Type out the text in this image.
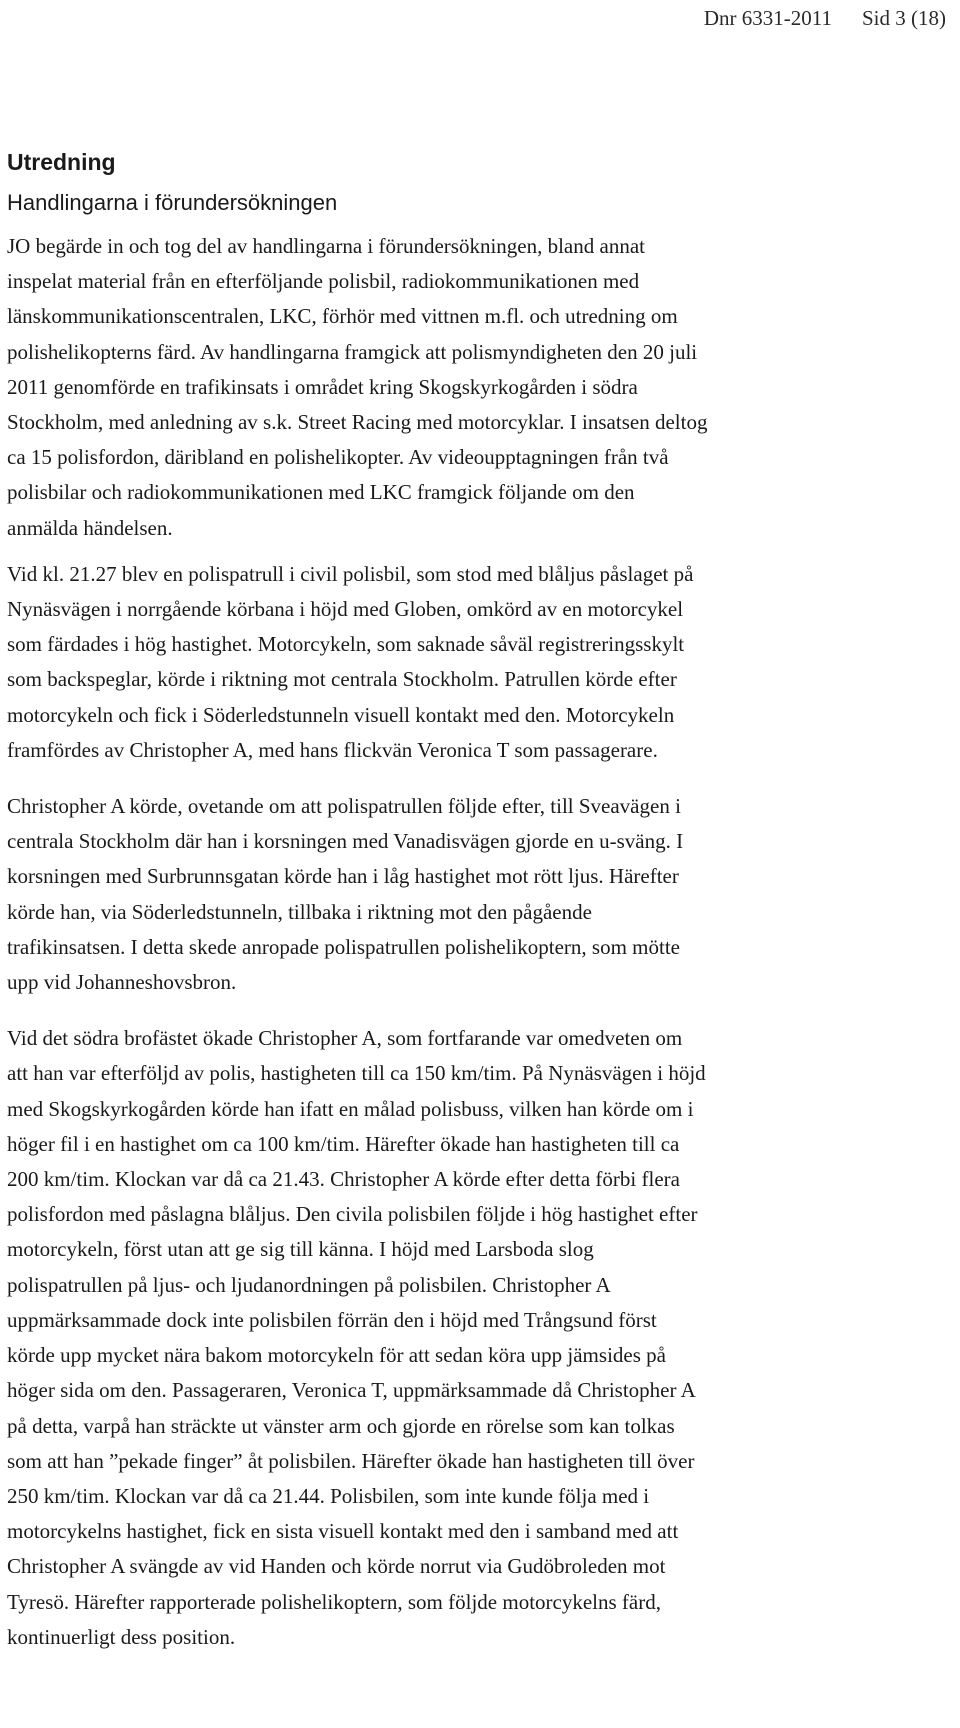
Dnr 6331-2011 Sid 3 (18)
Utredning
Handlingarna i förundersökningen

JO begärde in och tog del av handlingarna i förundersökningen, bland annat
inspelat material från en efterföljande polisbil, radiokommunikationen med
länskommunikationscentralen, LKC, förhör med vittnen m.fl. och utredning om
polishelikopterns färd. Av handlingarna framgick att polismyndigheten den 20 juli
2011 genomförde en trafikinsats i området kring Skogskyrkogården i södra
Stockholm, med anledning av s.k. Street Racing med motorcyklar. I insatsen deltog
ca 15 polisfordon, däribland en polishelikopter. Av videoupptagningen från två
polisbilar och radiokommunikationen med LKC framgick följande om den
anmälda händelsen.

Vid kl. 21.27 blev en polispatrull i civil polisbil, som stod med blåljus påslaget på
Nynäsvägen i norrgående körbana i höjd med Globen, omkörd av en motorcykel
som färdades i hög hastighet. Motorcykeln, som saknade såväl registreringsskylt
som backspeglar, körde i riktning mot centrala Stockholm. Patrullen körde efter
motorcykeln och fick i Söderledstunneln visuell kontakt med den. Motorcykeln
framfördes av Christopher A, med hans flickvän Veronica T som passagerare.

Christopher A körde, ovetande om att polispatrullen följde efter, till Sveavägen i
centrala Stockholm där han i korsningen med Vanadisvägen gjorde en u-sväng. I
korsningen med Surbrunnsgatan körde han i låg hastighet mot rött ljus. Härefter
körde han, via Söderledstunneln, tillbaka i riktning mot den pågående
trafikinsatsen. I detta skede anropade polispatrullen polishelikoptern, som mötte
upp vid Johanneshovsbron.

Vid det södra brofästet ökade Christopher A, som fortfarande var omedveten om
att han var efterföljd av polis, hastigheten till ca 150 km/tim. På Nynäsvägen i höjd
med Skogskyrkogården körde han ifatt en målad polisbuss, vilken han körde om i
höger fil i en hastighet om ca 100 km/tim. Härefter ökade han hastigheten till ca
200 km/tim. Klockan var då ca 21.43. Christopher A körde efter detta förbi flera
polisfordon med påslagna blåljus. Den civila polisbilen följde i hög hastighet efter
motorcykeln, först utan att ge sig till känna. I höjd med Larsboda slog
polispatrullen på ljus- och ljudanordningen på polisbilen. Christopher A
uppmärksammade dock inte polisbilen förrän den i höjd med Trångsund först
körde upp mycket nära bakom motorcykeln för att sedan köra upp jämsides på
höger sida om den. Passageraren, Veronica T, uppmärksammade då Christopher A
på detta, varpå han sträckte ut vänster arm och gjorde en rörelse som kan tolkas
som att han ”pekade finger” åt polisbilen. Härefter ökade han hastigheten till över
250 km/tim. Klockan var då ca 21.44. Polisbilen, som inte kunde följa med i
motorcykelns hastighet, fick en sista visuell kontakt med den i samband med att
Christopher A svängde av vid Handen och körde norrut via Gudöbroleden mot
Tyresö. Härefter rapporterade polishelikoptern, som följde motorcykelns färd,
kontinuerligt dess position.
